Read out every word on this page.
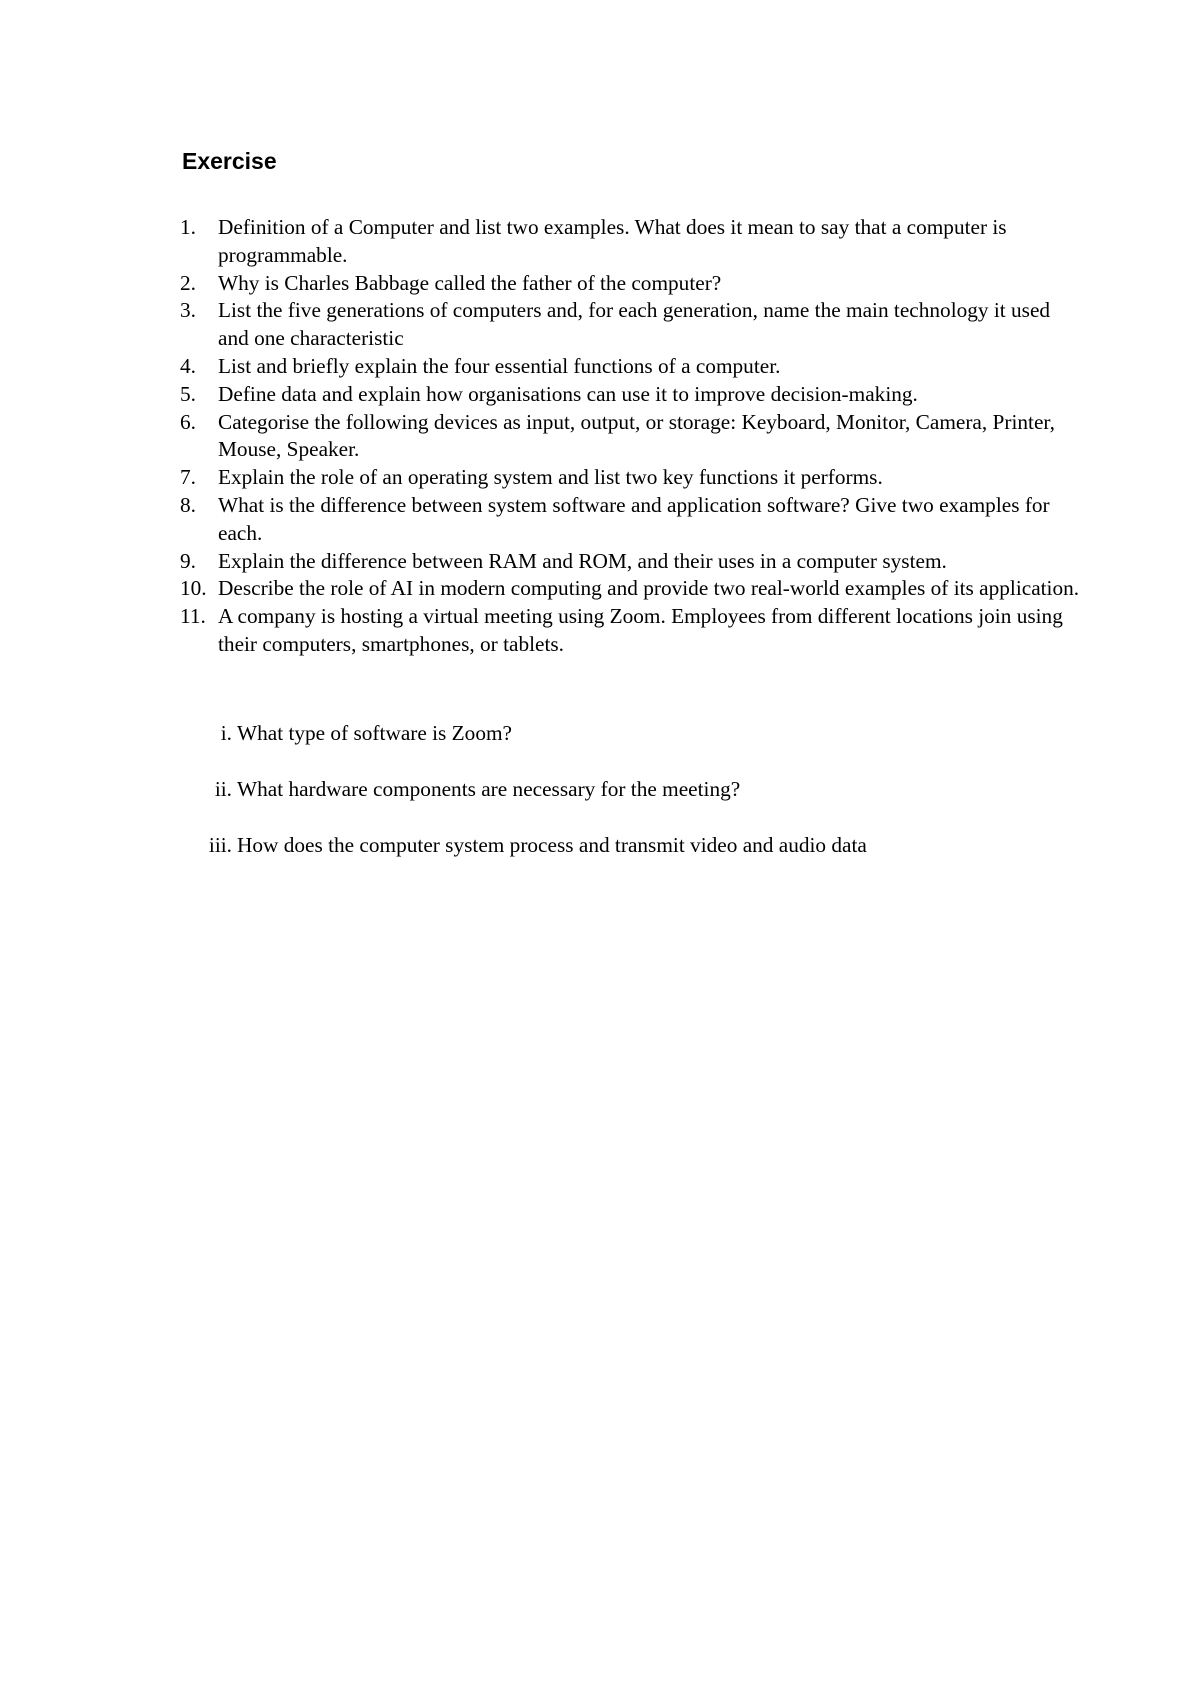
Exercise
1. Definition of a Computer and list two examples. What does it mean to say that a computer is programmable.
2. Why is Charles Babbage called the father of the computer?
3. List the five generations of computers and, for each generation, name the main technology it used and one characteristic
4. List and briefly explain the four essential functions of a computer.
5. Define data and explain how organisations can use it to improve decision-making.
6. Categorise the following devices as input, output, or storage: Keyboard, Monitor, Camera, Printer, Mouse, Speaker.
7. Explain the role of an operating system and list two key functions it performs.
8. What is the difference between system software and application software? Give two examples for each.
9. Explain the difference between RAM and ROM, and their uses in a computer system.
10. Describe the role of AI in modern computing and provide two real-world examples of its application.
11. A company is hosting a virtual meeting using Zoom. Employees from different locations join using their computers, smartphones, or tablets.
i. What type of software is Zoom?
ii. What hardware components are necessary for the meeting?
iii. How does the computer system process and transmit video and audio data
